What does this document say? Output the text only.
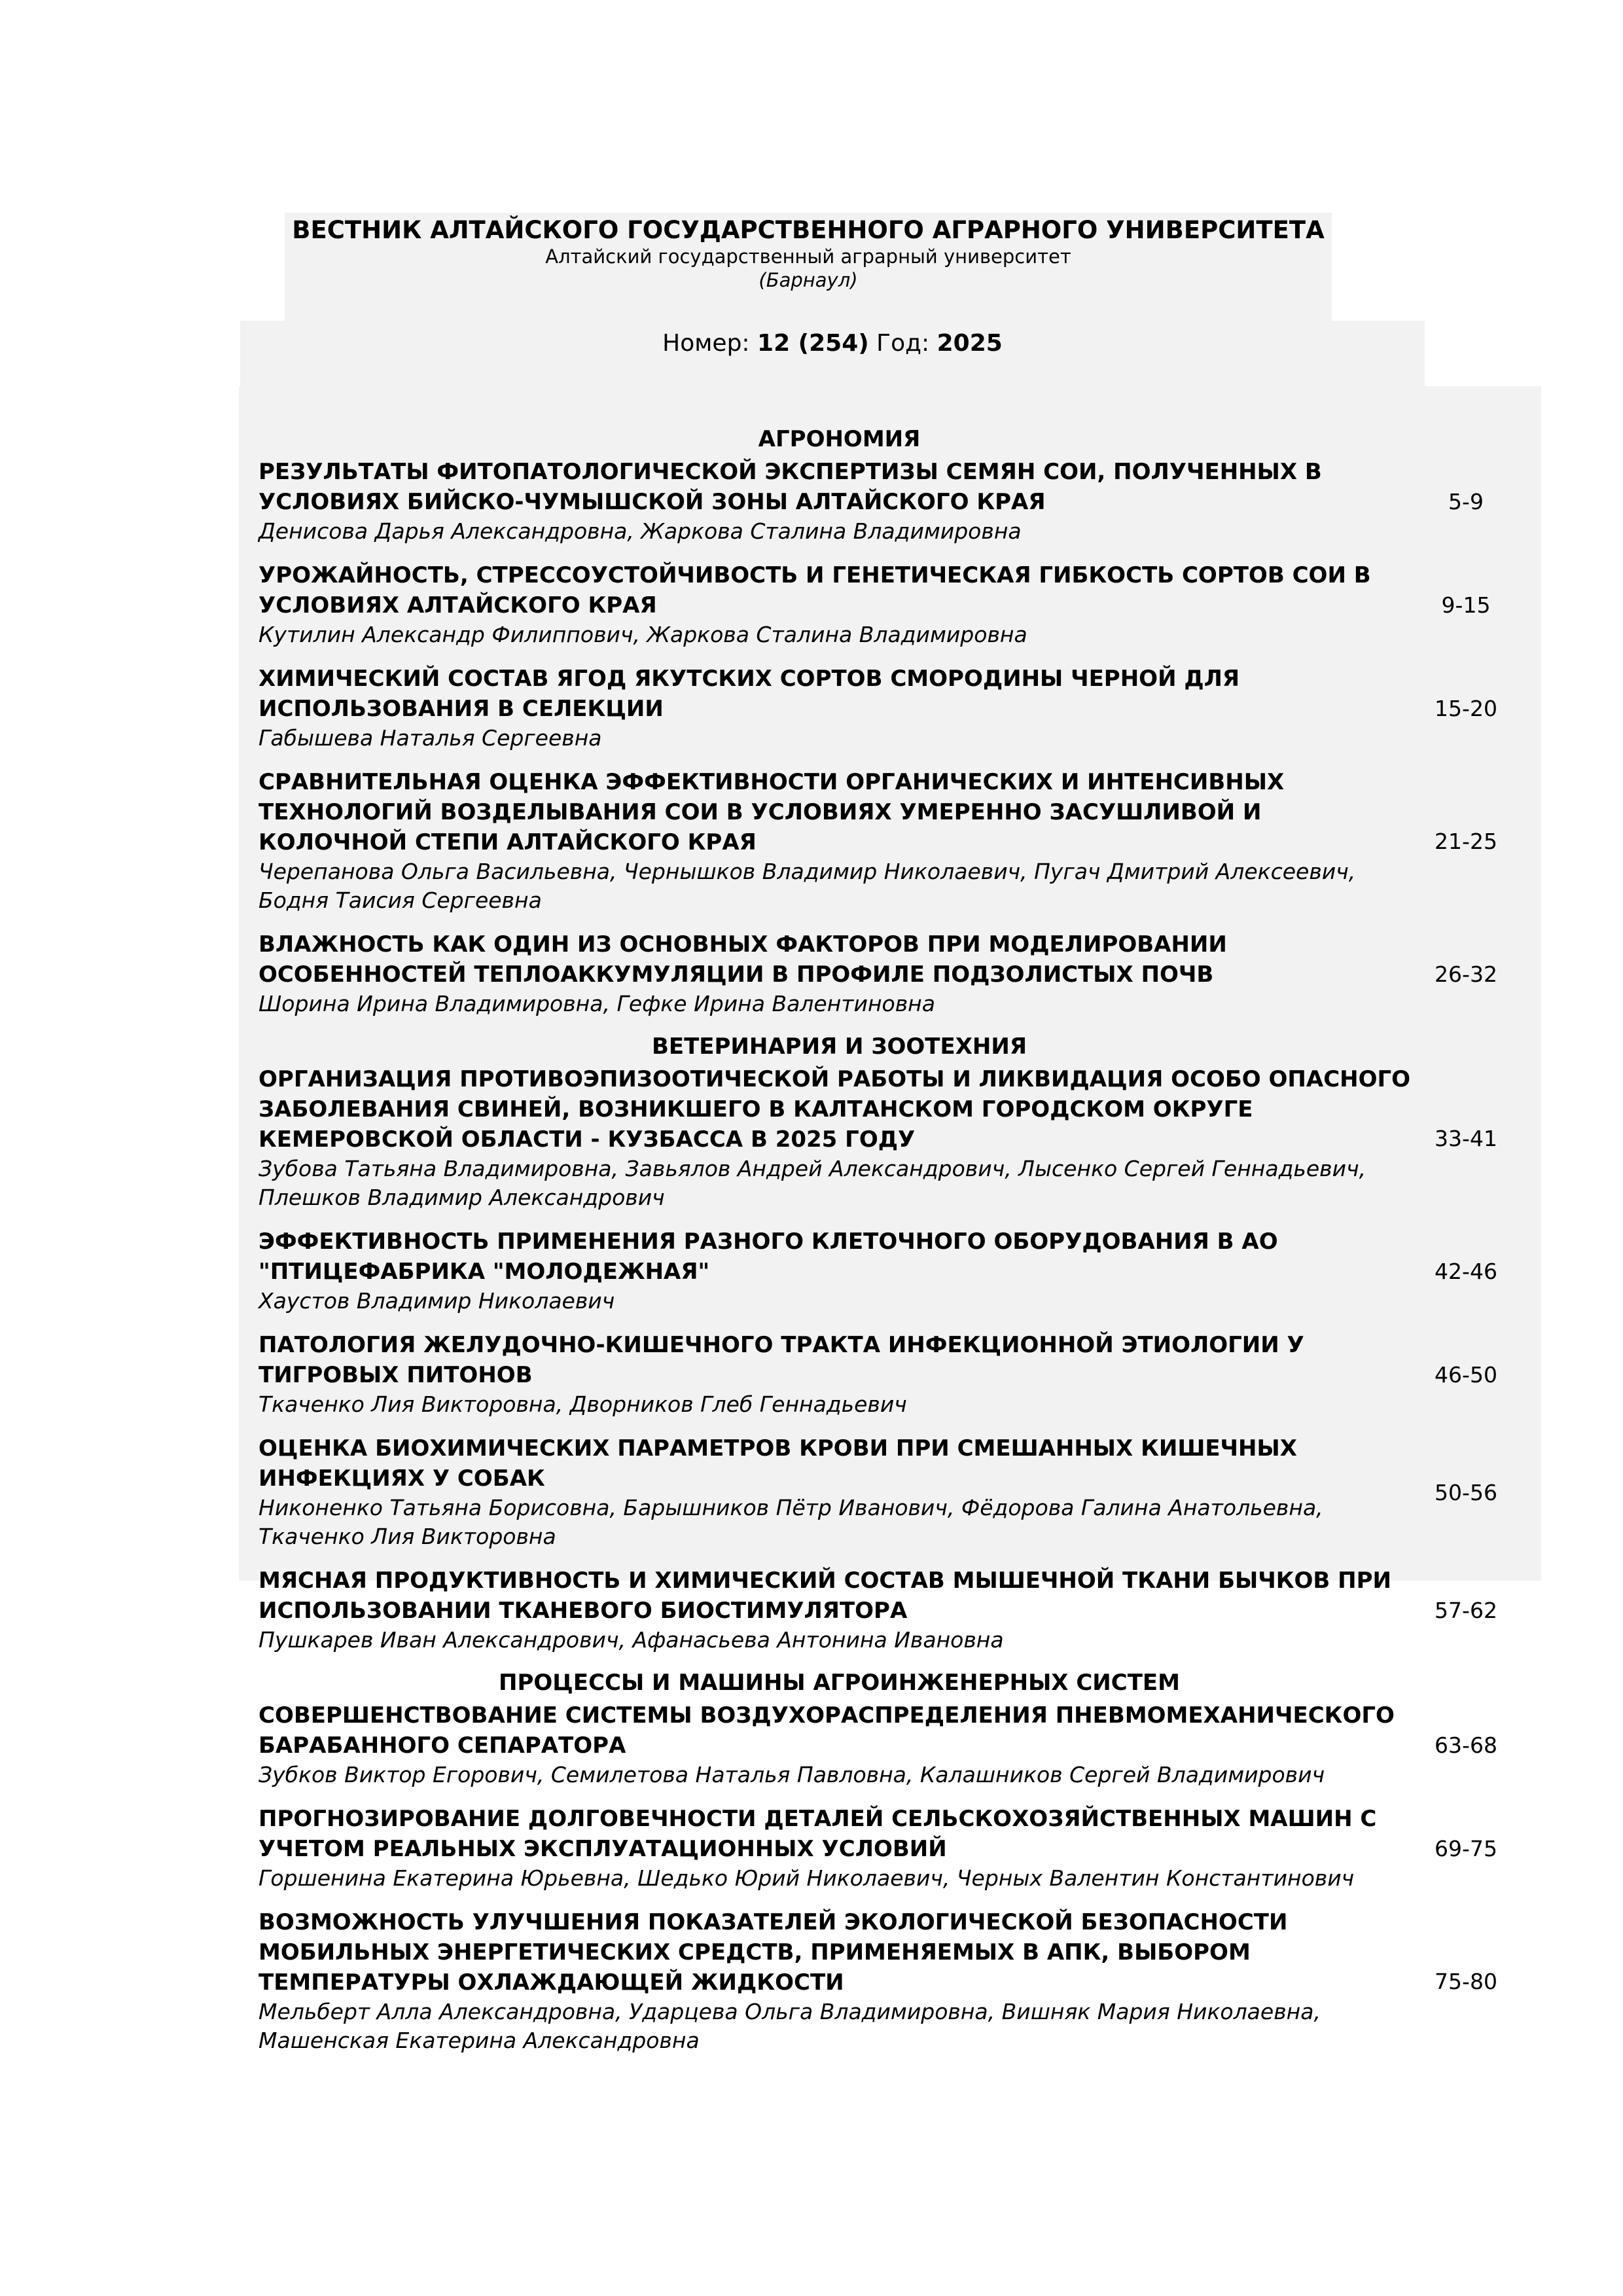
ВЕСТНИК АЛТАЙСКОГО ГОСУДАРСТВЕННОГО АГРАРНОГО УНИВЕРСИТЕТА
Алтайский государственный аграрный университет
(Барнаул)
Номер: 12 (254) Год: 2025
АГРОНОМИЯ
РЕЗУЛЬТАТЫ ФИТОПАТОЛОГИЧЕСКОЙ ЭКСПЕРТИЗЫ СЕМЯН СОИ, ПОЛУЧЕННЫХ В УСЛОВИЯХ БИЙСКО-ЧУМЫШСКОЙ ЗОНЫ АЛТАЙСКОГО КРАЯ
Денисова Дарья Александровна, Жаркова Сталина Владимировна
5-9
УРОЖАЙНОСТЬ, СТРЕССОУСТОЙЧИВОСТЬ И ГЕНЕТИЧЕСКАЯ ГИБКОСТЬ СОРТОВ СОИ В УСЛОВИЯХ АЛТАЙСКОГО КРАЯ
Кутилин Александр Филиппович, Жаркова Сталина Владимировна
9-15
ХИМИЧЕСКИЙ СОСТАВ ЯГОД ЯКУТСКИХ СОРТОВ СМОРОДИНЫ ЧЕРНОЙ ДЛЯ ИСПОЛЬЗОВАНИЯ В СЕЛЕКЦИИ
Габышева Наталья Сергеевна
15-20
СРАВНИТЕЛЬНАЯ ОЦЕНКА ЭФФЕКТИВНОСТИ ОРГАНИЧЕСКИХ И ИНТЕНСИВНЫХ ТЕХНОЛОГИЙ ВОЗДЕЛЫВАНИЯ СОИ В УСЛОВИЯХ УМЕРЕННО ЗАСУШЛИВОЙ И КОЛОЧНОЙ СТЕПИ АЛТАЙСКОГО КРАЯ
Черепанова Ольга Васильевна, Чернышков Владимир Николаевич, Пугач Дмитрий Алексеевич, Бодня Таисия Сергеевна
21-25
ВЛАЖНОСТЬ КАК ОДИН ИЗ ОСНОВНЫХ ФАКТОРОВ ПРИ МОДЕЛИРОВАНИИ ОСОБЕННОСТЕЙ ТЕПЛОАККУМУЛЯЦИИ В ПРОФИЛЕ ПОДЗОЛИСТЫХ ПОЧВ
Шорина Ирина Владимировна, Гефке Ирина Валентиновна
26-32
ВЕТЕРИНАРИЯ И ЗООТЕХНИЯ
ОРГАНИЗАЦИЯ ПРОТИВОЭПИЗООТИЧЕСКОЙ РАБОТЫ И ЛИКВИДАЦИЯ ОСОБО ОПАСНОГО ЗАБОЛЕВАНИЯ СВИНЕЙ, ВОЗНИКШЕГО В КАЛТАНСКОМ ГОРОДСКОМ ОКРУГЕ КЕМЕРОВСКОЙ ОБЛАСТИ - КУЗБАССА В 2025 ГОДУ
Зубова Татьяна Владимировна, Завьялов Андрей Александрович, Лысенко Сергей Геннадьевич, Плешков Владимир Александрович
33-41
ЭФФЕКТИВНОСТЬ ПРИМЕНЕНИЯ РАЗНОГО КЛЕТОЧНОГО ОБОРУДОВАНИЯ В АО "ПТИЦЕФАБРИКА "МОЛОДЕЖНАЯ"
Хаустов Владимир Николаевич
42-46
ПАТОЛОГИЯ ЖЕЛУДОЧНО-КИШЕЧНОГО ТРАКТА ИНФЕКЦИОННОЙ ЭТИОЛОГИИ У ТИГРОВЫХ ПИТОНОВ
Ткаченко Лия Викторовна, Дворников Глеб Геннадьевич
46-50
ОЦЕНКА БИОХИМИЧЕСКИХ ПАРАМЕТРОВ КРОВИ ПРИ СМЕШАННЫХ КИШЕЧНЫХ ИНФЕКЦИЯХ У СОБАК
Никоненко Татьяна Борисовна, Барышников Пётр Иванович, Фёдорова Галина Анатольевна, Ткаченко Лия Викторовна
50-56
МЯСНАЯ ПРОДУКТИВНОСТЬ И ХИМИЧЕСКИЙ СОСТАВ МЫШЕЧНОЙ ТКАНИ БЫЧКОВ ПРИ ИСПОЛЬЗОВАНИИ ТКАНЕВОГО БИОСТИМУЛЯТОРА
Пушкарев Иван Александрович, Афанасьева Антонина Ивановна
57-62
ПРОЦЕССЫ И МАШИНЫ АГРОИНЖЕНЕРНЫХ СИСТЕМ
СОВЕРШЕНСТВОВАНИЕ СИСТЕМЫ ВОЗДУХОРАСПРЕДЕЛЕНИЯ ПНЕВМОМЕХАНИЧЕСКОГО БАРАБАННОГО СЕПАРАТОРА
Зубков Виктор Егорович, Семилетова Наталья Павловна, Калашников Сергей Владимирович
63-68
ПРОГНОЗИРОВАНИЕ ДОЛГОВЕЧНОСТИ ДЕТАЛЕЙ СЕЛЬСКОХОЗЯЙСТВЕННЫХ МАШИН С УЧЕТОМ РЕАЛЬНЫХ ЭКСПЛУАТАЦИОННЫХ УСЛОВИЙ
Горшенина Екатерина Юрьевна, Шедько Юрий Николаевич, Черных Валентин Константинович
69-75
ВОЗМОЖНОСТЬ УЛУЧШЕНИЯ ПОКАЗАТЕЛЕЙ ЭКОЛОГИЧЕСКОЙ БЕЗОПАСНОСТИ МОБИЛЬНЫХ ЭНЕРГЕТИЧЕСКИХ СРЕДСТВ, ПРИМЕНЯЕМЫХ В АПК, ВЫБОРОМ ТЕМПЕРАТУРЫ ОХЛАЖДАЮЩЕЙ ЖИДКОСТИ
Мельберт Алла Александровна, Ударцева Ольга Владимировна, Вишняк Мария Николаевна, Машенская Екатерина Александровна
75-80
